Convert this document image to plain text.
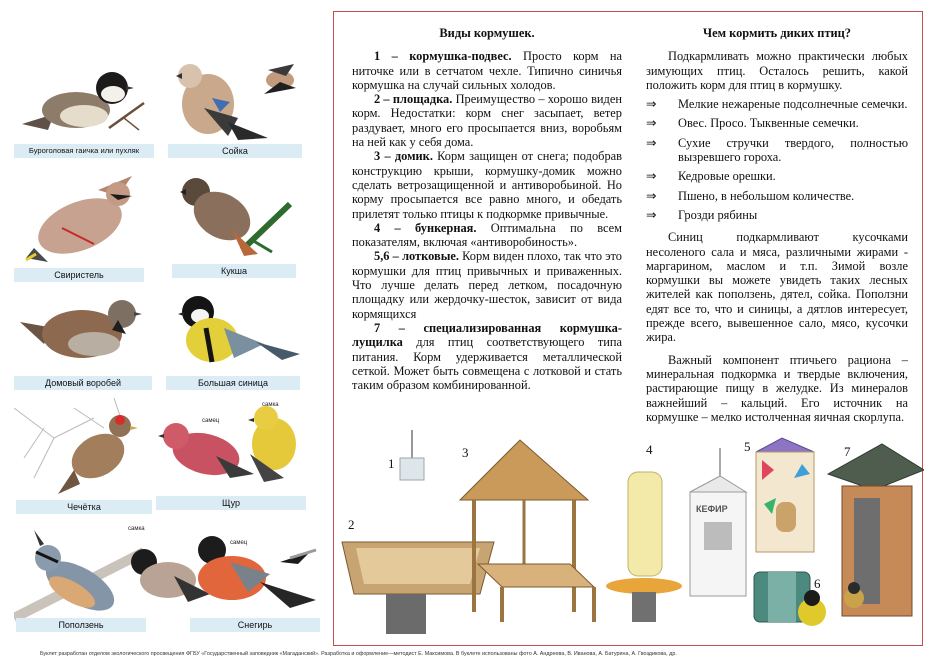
Буроголовая гаичка или пухляк	Сойка
Свиристель	Кукша
Домовый воробей	Большая синица
Чечётка
самец
самка
Щур
Поползень
самка
самец
Снегирь
Виды кормушек.

1 – кормушка-подвес. Просто корм на ниточке или в сетчатом чехле. Типично синичья кормушка на случай сильных холодов.

2 – площадка. Преимущество – хорошо виден корм. Недостатки: корм снег засыпает, ветер раздувает, много его просыпается вниз, воробьям на ней как у себя дома.

3 – домик. Корм защищен от снега; подобрав конструкцию крыши, кормушку-домик можно сделать ветрозащищенной и антиворобьиной. Но корму просыпается все равно много, и обедать прилетят только птицы к подкормке привычные.

4 – бункерная. Оптимальна по всем показателям, включая «антиворобиность».

5,6 – лотковые. Корм виден плохо, так что это кормушки для птиц привычных и приваженных. Что лучше делать перед летком, посадочную площадку или жердочку-шесток, зависит от вида кормящихся

7 – специализированная кормушка-лущилка для птиц соответствующего типа питания. Корм удерживается металлической сеткой. Может быть совмещена с лотковой и стать таким образом комбинированной.

Чем кормить диких птиц?

Подкармливать можно практически любых зимующих птиц. Осталось решить, какой положить корм для птиц в кормушку.

⇒ Мелкие нежареные подсолнечные семечки.
⇒ Овес. Просо. Тыквенные семечки.
⇒ Сухие стручки твердого, полностью вызревшего гороха.
⇒ Кедровые орешки.
⇒ Пшено, в небольшом количестве.
⇒ Грозди рябины

Синиц подкармливают кусочками несоленого сала и мяса, различными жирами - маргарином, маслом и т.п. Зимой возле кормушки вы можете увидеть таких лесных жителей как поползень, дятел, сойка. Поползни едят все то, что и синицы, а дятлов интересует, прежде всего, вывешенное сало, мясо, кусочки жира.

Важный компонент птичьего рациона – минеральная подкормка и твердые включения, растирающие пищу в желудке. Из минералов важнейший – кальций. Его источник на кормушке – мелко истолченная яичная скорлупа.

КЕФИР
1
2
3	4	5
6
7
Буклет разработан отделом экологического просвещения ФГБУ «Государственный заповедник «Магаданский». Разработка и оформление—методист Е. Максимова. В буклете использованы фото А. Андреева, В. Иванова, А. Батурина, А. Гвоздикова, др.
